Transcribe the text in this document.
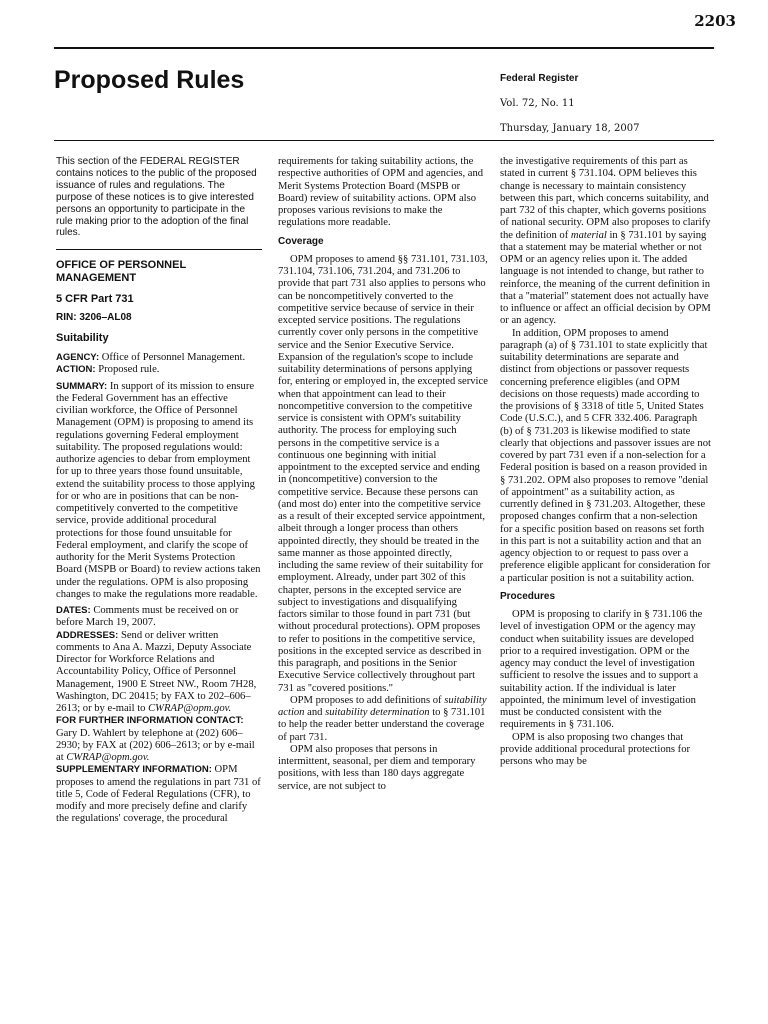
2203
Proposed Rules	Federal Register
Vol. 72, No. 11
Thursday, January 18, 2007

This section of the FEDERAL REGISTER contains notices to the public of the proposed issuance of rules and regulations. The purpose of these notices is to give interested persons an opportunity to participate in the rule making prior to the adoption of the final rules.

OFFICE OF PERSONNEL MANAGEMENT

5 CFR Part 731

RIN: 3206–AL08

Suitability

AGENCY: Office of Personnel Management.

ACTION: Proposed rule.

SUMMARY: In support of its mission to ensure the Federal Government has an effective civilian workforce, the Office of Personnel Management (OPM) is proposing to amend its regulations governing Federal employment suitability. The proposed regulations would: authorize agencies to debar from employment for up to three years those found unsuitable, extend the suitability process to those applying for or who are in positions that can be non-competitively converted to the competitive service, provide additional procedural protections for those found unsuitable for Federal employment, and clarify the scope of authority for the Merit Systems Protection Board (MSPB or Board) to review actions taken under the regulations. OPM is also proposing changes to make the regulations more readable.

DATES: Comments must be received on or before March 19, 2007.

ADDRESSES: Send or deliver written comments to Ana A. Mazzi, Deputy Associate Director for Workforce Relations and Accountability Policy, Office of Personnel Management, 1900 E Street NW., Room 7H28, Washington, DC 20415; by FAX to 202–606–2613; or by e-mail to CWRAP@opm.gov.

FOR FURTHER INFORMATION CONTACT: Gary D. Wahlert by telephone at (202) 606–2930; by FAX at (202) 606–2613; or by e-mail at CWRAP@opm.gov.

SUPPLEMENTARY INFORMATION: OPM proposes to amend the regulations in part 731 of title 5, Code of Federal Regulations (CFR), to modify and more precisely define and clarify the regulations' coverage, the procedural

requirements for taking suitability actions, the respective authorities of OPM and agencies, and Merit Systems Protection Board (MSPB or Board) review of suitability actions. OPM also proposes various revisions to make the regulations more readable.

Coverage

OPM proposes to amend §§ 731.101, 731.103, 731.104, 731.106, 731.204, and 731.206 to provide that part 731 also applies to persons who can be noncompetitively converted to the competitive service because of service in their excepted service positions. The regulations currently cover only persons in the competitive service and the Senior Executive Service. Expansion of the regulation's scope to include suitability determinations of persons applying for, entering or employed in, the excepted service when that appointment can lead to their noncompetitive conversion to the competitive service is consistent with OPM's suitability authority. The process for employing such persons in the competitive service is a continuous one beginning with initial appointment to the excepted service and ending in (noncompetitive) conversion to the competitive service. Because these persons can (and most do) enter into the competitive service as a result of their excepted service appointment, albeit through a longer process than others appointed directly, they should be treated in the same manner as those appointed directly, including the same review of their suitability for employment. Already, under part 302 of this chapter, persons in the excepted service are subject to investigations and disqualifying factors similar to those found in part 731 (but without procedural protections). OPM proposes to refer to positions in the competitive service, positions in the excepted service as described in this paragraph, and positions in the Senior Executive Service collectively throughout part 731 as ''covered positions.''

OPM proposes to add definitions of suitability action and suitability determination to § 731.101 to help the reader better understand the coverage of part 731.

OPM also proposes that persons in intermittent, seasonal, per diem and temporary positions, with less than 180 days aggregate service, are not subject to

the investigative requirements of this part as stated in current § 731.104. OPM believes this change is necessary to maintain consistency between this part, which concerns suitability, and part 732 of this chapter, which governs positions of national security. OPM also proposes to clarify the definition of material in § 731.101 by saying that a statement may be material whether or not OPM or an agency relies upon it. The added language is not intended to change, but rather to reinforce, the meaning of the current definition in that a ''material'' statement does not actually have to influence or affect an official decision by OPM or an agency.

In addition, OPM proposes to amend paragraph (a) of § 731.101 to state explicitly that suitability determinations are separate and distinct from objections or passover requests concerning preference eligibles (and OPM decisions on those requests) made according to the provisions of § 3318 of title 5, United States Code (U.S.C.), and 5 CFR 332.406. Paragraph (b) of § 731.203 is likewise modified to state clearly that objections and passover issues are not covered by part 731 even if a non-selection for a Federal position is based on a reason provided in § 731.202. OPM also proposes to remove ''denial of appointment'' as a suitability action, as currently defined in § 731.203. Altogether, these proposed changes confirm that a non-selection for a specific position based on reasons set forth in this part is not a suitability action and that an agency objection to or request to pass over a preference eligible applicant for consideration for a particular position is not a suitability action.

Procedures

OPM is proposing to clarify in § 731.106 the level of investigation OPM or the agency may conduct when suitability issues are developed prior to a required investigation. OPM or the agency may conduct the level of investigation sufficient to resolve the issues and to support a suitability action. If the individual is later appointed, the minimum level of investigation must be conducted consistent with the requirements in § 731.106.

OPM is also proposing two changes that provide additional procedural protections for persons who may be
